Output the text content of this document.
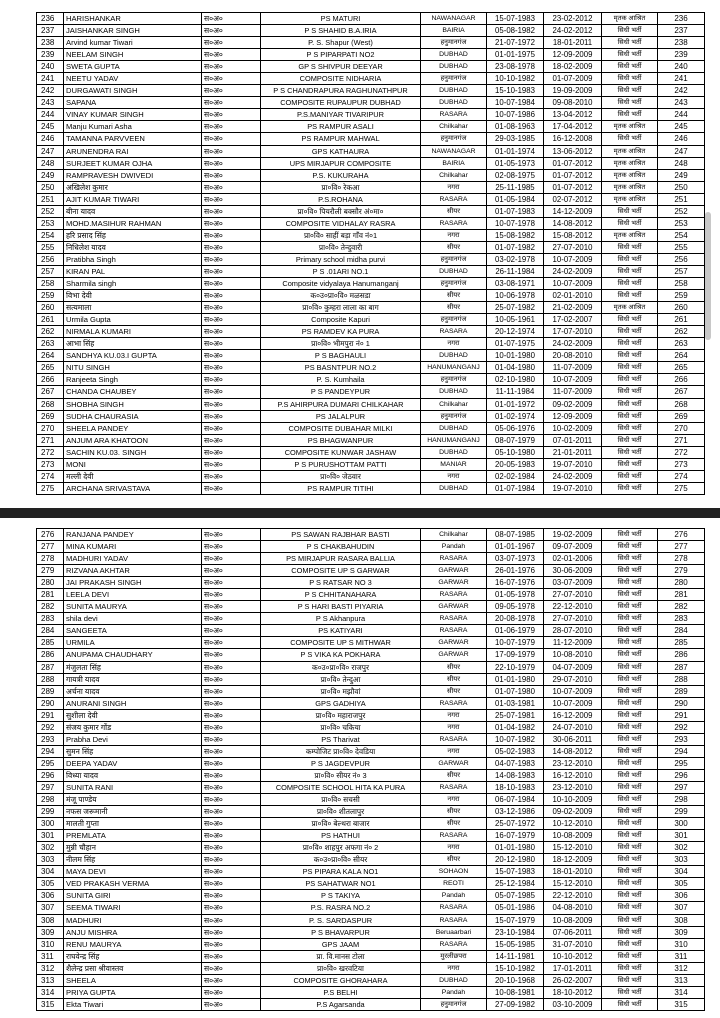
236	HARISHANKAR	स०अ०	PS MATURI	NAWANAGAR	15-07-1983	23-02-2012	मृतक आश्रित	236
237	JAISHANKAR SINGH	स०अ०	P S SHAHID B.A.IRIA	BAIRIA	05-08-1982	24-02-2012	सिधी भर्ती	237
238	Arvind kumar Tiwari	स०अ०	P. S. Shapur (West)	हनुमानगंज	21-07-1972	18-01-2011	सिधी भर्ती	238
239	NEELAM SINGH	स०अ०	P S PIPARPATI NO2	DUBHAD	01-01-1975	12-09-2009	सिधी भर्ती	239
240	SWETA GUPTA	स०अ०	GP S SHIVPUR DEEYAR	DUBHAD	23-08-1978	18-02-2009	सिधी भर्ती	240
241	NEETU YADAV	स०अ०	COMPOSITE NIDHARIA	हनुमानगंज	10-10-1982	01-07-2009	सिधी भर्ती	241
242	DURGAWATI SINGH	स०अ०	P S CHANDRAPURA RAGHUNATHPUR	DUBHAD	15-10-1983	19-09-2009	सिधी भर्ती	242
243	SAPANA	स०अ०	COMPOSITE RUPAUPUR DUBHAD	DUBHAD	10-07-1984	09-08-2010	सिधी भर्ती	243
244	VINAY KUMAR SINGH	स०अ०	P.S.MANIYAR TIVARIPUR	RASARA	10-07-1986	13-04-2012	सिधी भर्ती	244
245	Manju Kumari Asha	स०अ०	PS RAMPUR ASALI	Chilkahar	01-08-1963	17-04-2012	मृतक आश्रित	245
246	TAMANNA PARVVEEN	स०अ०	PS RAMPUR MAHWAL	हनुमानगंज	29-03-1985	16-12-2008	सिधी भर्ती	246
247	ARUNENDRA RAI	स०अ०	GPS KATHAURA	NAWANAGAR	01-01-1974	13-06-2012	मृतक आश्रित	247
248	SURJEET KUMAR OJHA	स०अ०	UPS MIRJAPUR COMPOSITE	BAIRIA	01-05-1973	01-07-2012	मृतक आश्रित	248
249	RAMPRAVESH DWIVEDI	स०अ०	P.S. KUKURAHA	Chilkahar	02-08-1975	01-07-2012	मृतक आश्रित	249
250	अखिलेश कुमार	स०अ०	प्रा०वि० रेकआ	नगरा	25-11-1985	01-07-2012	मृतक आश्रित	250
251	AJIT KUMAR TIWARI	स०अ०	P.S.ROHANA	RASARA	01-05-1984	02-07-2012	मृतक आश्रित	251
252	बीना यादव	स०अ०	प्रा०वि० पियरौली बक्सौर अं०मा०	सीयर	01-07-1983	14-12-2009	सिधी भर्ती	252
253	MOHD.MASIHUR RAHMAN	स०अ०	COMPOSITE VIDHALAY RASRA	RASARA	10-07-1978	14-08-2012	सिधी भर्ती	253
254	हरि प्रसाद सिंह	स०अ०	प्रा०वि० साहीं बड़ा गाँव नं०1	नगरा	15-08-1982	15-08-2012	मृतक आश्रित	254
255	निधिलेश यादव	स०अ०	प्रा०वि० तेन्दुवारी	सीयर	01-07-1982	27-07-2010	सिधी भर्ती	255
256	Pratibha Singh	स०अ०	Primary school midha purvi	हनुमानगंज	03-02-1978	10-07-2009	सिधी भर्ती	256
257	KIRAN PAL	स०अ०	P S .01ARI NO.1	DUBHAD	26-11-1984	24-02-2009	सिधी भर्ती	257
258	Sharmila singh	स०अ०	Composite vidyalaya Hanumanganj	हनुमानगंज	03-08-1971	10-07-2009	सिधी भर्ती	258
259	विभा देवी	स०अ०	क०उ०प्रा०वि० मळसडा	सीयर	10-06-1978	02-01-2010	सिधी भर्ती	259
260	सत्यमाला	स०अ०	प्रा०वि० कुम्हरा लाला का बाग	सीयर	25-07-1982	21-02-2009	मृतक आश्रित	260
261	Urmila Gupta	स०अ०	Composite Kapuri	हनुमानगंज	10-05-1961	17-02-2007	सिधी भर्ती	261
262	NIRMALA KUMARI	स०अ०	PS RAMDEV KA PURA	RASARA	20-12-1974	17-07-2010	सिधी भर्ती	262
263	आभा सिंह	स०अ०	प्रा०वि० भीमपुरा नं० 1	नगरा	01-07-1975	24-02-2009	सिधी भर्ती	263
264	SANDHYA KU.03.I GUPTA	स०अ०	P S BAGHAULI	DUBHAD	10-01-1980	20-08-2010	सिधी भर्ती	264
265	NITU SINGH	स०अ०	PS BASNTPUR NO.2	HANUMANGANJ	01-04-1980	11-07-2009	सिधी भर्ती	265
266	Ranjeeta Singh	स०अ०	P. S. Kumhaila	हनुमानगंज	02-10-1980	10-07-2009	सिधी भर्ती	266
267	CHANDA CHAUBEY	स०अ०	P S PANDEYPUR	DUBHAD	11-11-1984	11-07-2009	सिधी भर्ती	267
268	SHOBHA SINGH	स०अ०	P.S AHIRPURA DUMARI CHILKAHAR	Chilkahar	01-01-1972	09-02-2009	सिधी भर्ती	268
269	SUDHA CHAURASIA	स०अ०	PS JALALPUR	हनुमानगंज	01-02-1974	12-09-2009	सिधी भर्ती	269
270	SHEELA PANDEY	स०अ०	COMPOSITE DUBAHAR MILKI	DUBHAD	05-06-1976	10-02-2009	सिधी भर्ती	270
271	ANJUM ARA KHATOON	स०अ०	PS BHAGWANPUR	HANUMANGANJ	08-07-1979	07-01-2011	सिधी भर्ती	271
272	SACHIN KU.03. SINGH	स०अ०	COMPOSITE KUNWAR JASHAW	DUBHAD	05-10-1980	21-01-2011	सिधी भर्ती	272
273	MONI	स०अ०	P S PURUSHOTTAM PATTI	MANIAR	20-05-1983	19-07-2010	सिधी भर्ती	273
274	मल्ली देवी	स०अ०	प्रा०वि० जेठवार	नगरा	02-02-1984	24-02-2009	सिधी भर्ती	274
275	ARCHANA SRIVASTAVA	स०अ०	PS RAMPUR TITIHI	DUBHAD	01-07-1984	19-07-2010	सिधी भर्ती	275
276	RANJANA PANDEY	स०अ०	PS SAWAN RAJBHAR BASTI	Chilkahar	08-07-1985	19-02-2009	सिधी भर्ती	276
277	MINA KUMARI	स०अ०	P S CHAKBAHUDIN	Pandah	01-01-1967	09-07-2009	सिधी भर्ती	277
278	MADHURI YADAV	स०अ०	PS MIRJAPUR RASARA BALLIA	RASARA	03-07-1973	02-01-2006	सिधी भर्ती	278
279	RIZVANA AKHTAR	स०अ०	COMPOSITE UP S GARWAR	GARWAR	26-01-1976	30-06-2009	सिधी भर्ती	279
280	JAI PRAKASH SINGH	स०अ०	P S RATSAR NO 3	GARWAR	16-07-1976	03-07-2009	सिधी भर्ती	280
281	LEELA DEVI	स०अ०	P S CHHITANAHARA	RASARA	01-05-1978	27-07-2010	सिधी भर्ती	281
282	SUNITA MAURYA	स०अ०	P S HARI BASTI PIYARIA	GARWAR	09-05-1978	22-12-2010	सिधी भर्ती	282
283	shila devi	स०अ०	P S Akhanpura	RASARA	20-08-1978	27-07-2010	सिधी भर्ती	283
284	SANGEETA	स०अ०	PS KATIYARI	RASARA	01-06-1979	28-07-2010	सिधी भर्ती	284
285	URMILA	स०अ०	COMPOSITE UP S MITHWAR	GARWAR	10-07-1979	11-12-2009	सिधी भर्ती	285
286	ANUPAMA CHAUDHARY	स०अ०	P S VIKA KA POKHARA	GARWAR	17-09-1979	10-08-2010	सिधी भर्ती	286
287	मंजुलता सिंह	स०अ०	क०उ०प्रा०वि० राजपुर	सीयर	22-10-1979	04-07-2009	सिधी भर्ती	287
288	गायत्री यादव	स०अ०	प्रा०वि० तेन्दुआ	सीयर	01-01-1980	29-07-2010	सिधी भर्ती	288
289	अर्चना यादव	स०अ०	प्रा०वि० मझौवां	सीयर	01-07-1980	10-07-2009	सिधी भर्ती	289
290	ANURANI SINGH	स०अ०	GPS GADHIYA	RASARA	01-03-1981	10-07-2009	सिधी भर्ती	290
291	सुशीला देवी	स०अ०	प्रा०वि० महाराजपुर	नगरा	25-07-1981	16-12-2009	सिधी भर्ती	291
292	संजय कुमार गोंड	स०अ०	प्रा०वि० चकिया	नगरा	01-04-1982	24-07-2010	सिधी भर्ती	292
293	Prabha Devi	स०अ०	PS Tharivat	RASARA	10-07-1982	30-06-2011	सिधी भर्ती	293
294	सुमन सिंह	स०अ०	कम्पोजिट प्रा०वि० देवडिया	नगरा	05-02-1983	14-08-2012	सिधी भर्ती	294
295	DEEPA YADAV	स०अ०	P S JAGDEVPUR	GARWAR	04-07-1983	23-12-2010	सिधी भर्ती	295
296	विध्या यादव	स०अ०	प्रा०वि० सीयर नं० 3	सीयर	14-08-1983	16-12-2010	सिधी भर्ती	296
297	SUNITA RANI	स०अ०	COMPOSITE SCHOOL HITA KA PURA	RASARA	18-10-1983	23-12-2010	सिधी भर्ती	297
298	मंजू पाण्डेय	स०अ०	प्रा०वि० सचसी	नगरा	06-07-1984	10-10-2009	सिधी भर्ती	298
299	नफस जरूमानी	स०अ०	प्रा०वि० शीतलापुर	सीयर	03-12-1986	09-02-2009	सिधी भर्ती	299
300	मालती गुप्ता	स०अ०	प्रा०वि० बेल्थरा बाजार	सीयर	25-07-1972	10-12-2010	सिधी भर्ती	300
301	PREMLATA	स०अ०	PS HATHUI	RASARA	16-07-1979	10-08-2009	सिधी भर्ती	301
302	मुन्नी चौहान	स०अ०	प्रा०वि० शाहपुर अफगा नं० 2	नगरा	01-01-1980	15-12-2010	सिधी भर्ती	302
303	नीलम सिंह	स०अ०	क०उ०प्रा०वि० सीयर	सीयर	20-12-1980	18-12-2009	सिधी भर्ती	303
304	MAYA DEVI	स०अ०	PS PIPARA KALA NO1	SOHAON	15-07-1983	18-01-2010	सिधी भर्ती	304
305	VED PRAKASH VERMA	स०अ०	PS SAHATWAR NO1	REOTI	25-12-1984	15-12-2010	सिधी भर्ती	305
306	SUNITA GIRI	स०अ०	P S TAKIYA	Pandah	05-07-1985	22-12-2010	सिधी भर्ती	306
307	SEEMA TIWARI	स०अ०	P.S. RASRA NO.2	RASARA	05-01-1986	04-08-2010	सिधी भर्ती	307
308	MADHURI	स०अ०	P. S. SARDASPUR	RASARA	15-07-1979	10-08-2009	सिधी भर्ती	308
309	ANJU MISHRA	स०अ०	P S BHAVARPUR	Beruaarbari	23-10-1984	07-06-2011	सिधी भर्ती	309
310	RENU MAURYA	स०अ०	GPS JAAM	RASARA	15-05-1985	31-07-2010	सिधी भर्ती	310
311	राघवेन्द्र सिंह	स०अ०	प्रा. वि.मानस टोला	मुरलीछपरा	14-11-1981	10-10-2012	सिधी भर्ती	311
312	शैलेन्द्र प्रसा श्रीवास्तव	स०अ०	प्रा०वि० खरवटिया	नगरा	15-10-1982	17-01-2011	सिधी भर्ती	312
313	SHEELA	स०अ०	COMPOSITE GHORAHARA	DUBHAD	20-10-1968	26-02-2007	सिधी भर्ती	313
314	PRIYA GUPTA	स०अ०	P.S BELHI	Pandah	10-08-1981	18-10-2012	सिधी भर्ती	314
315	Ekta Tiwari	स०अ०	P.S Agarsanda	हनुमानगंज	27-09-1982	03-10-2009	सिधी भर्ती	315
